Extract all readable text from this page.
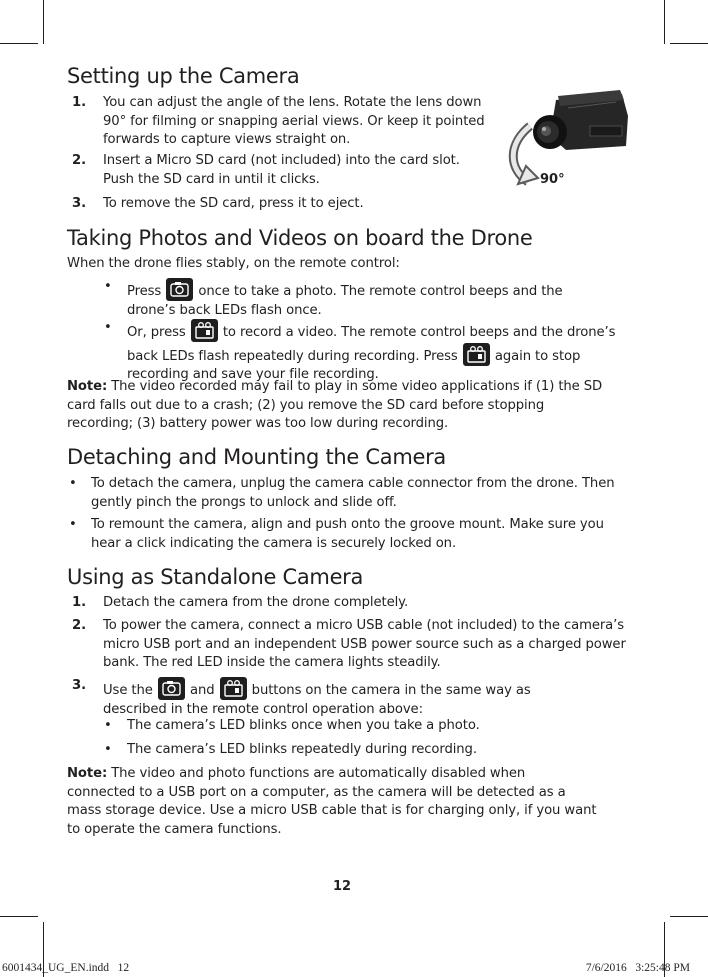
90°
Setting up the Camera
1. You can adjust the angle of the lens. Rotate the lens down 90° for filming or snapping aerial views. Or keep it pointed forwards to capture views straight on.
2. Insert a Micro SD card (not included) into the card slot. Push the SD card in until it clicks.
3. To remove the SD card, press it to eject.
Taking Photos and Videos on board the Drone
When the drone flies stably, on the remote control:
• Press	once to take a photo. The remote control beeps and the drone’s back LEDs flash once.
• Or, press	to record a video. The remote control beeps and the drone’s back LEDs flash repeatedly during recording. Press	again to stop recording and save your file recording.
Note: The video recorded may fail to play in some video applications if (1) the SD card falls out due to a crash; (2) you remove the SD card before stopping recording; (3) battery power was too low during recording.
Detaching and Mounting the Camera
• To detach the camera, unplug the camera cable connector from the drone. Then gently pinch the prongs to unlock and slide off.
• To remount the camera, align and push onto the groove mount. Make sure you hear a click indicating the camera is securely locked on.
Using as Standalone Camera
1. Detach the camera from the drone completely.
2. To power the camera, connect a micro USB cable (not included) to the camera’s micro USB port and an independent USB power source such as a charged power bank. The red LED inside the camera lights steadily.
3. Use the	and	buttons on the camera in the same way as described in the remote control operation above:
• The camera’s LED blinks once when you take a photo.
• The camera’s LED blinks repeatedly during recording.
Note: The video and photo functions are automatically disabled when connected to a USB port on a computer, as the camera will be detected as a mass storage device. Use a micro USB cable that is for charging only, if you want to operate the camera functions.
12
6001434_UG_EN.indd   12	7/6/2016   3:25:48 PM
